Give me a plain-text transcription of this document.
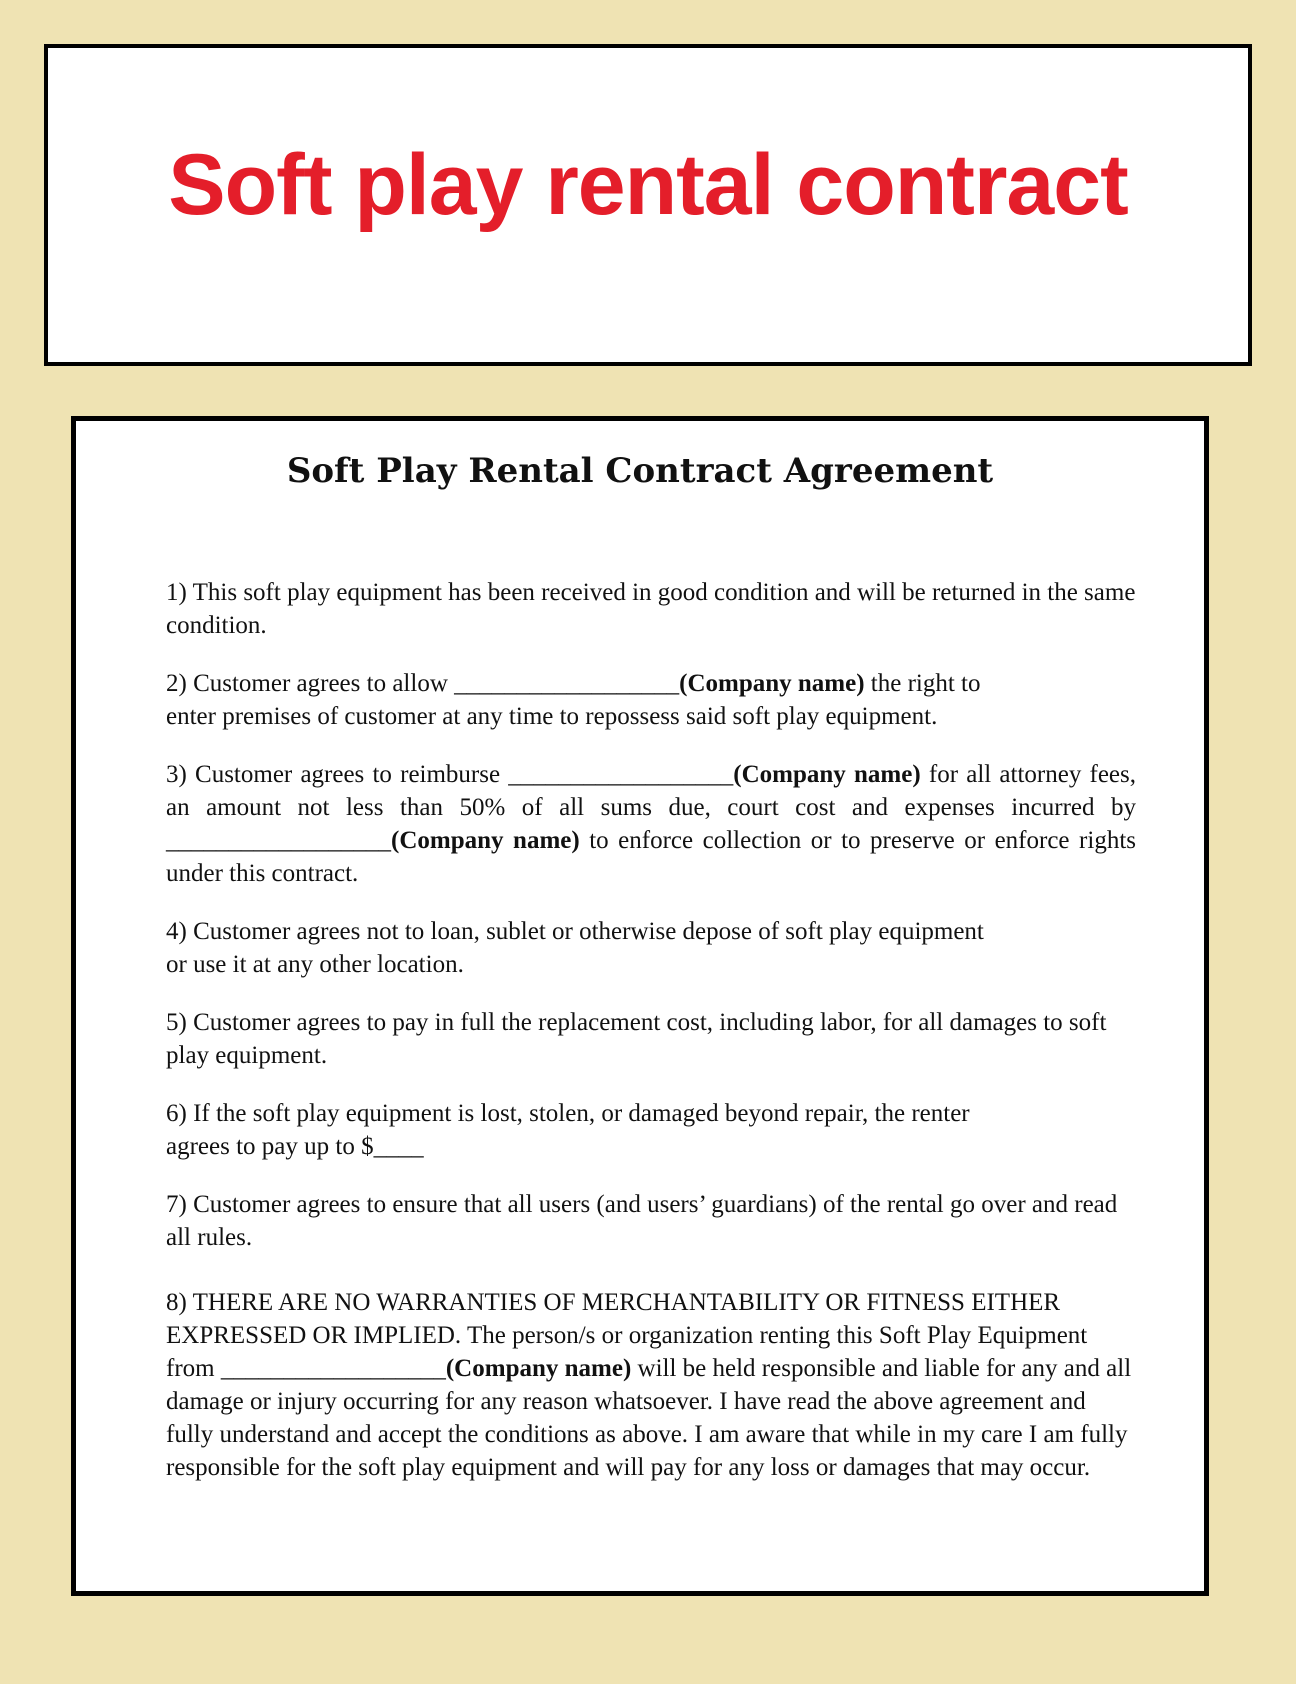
Soft play rental contract
Soft Play Rental Contract Agreement

1) This soft play equipment has been received in good condition and will be returned in the same condition.

2) Customer agrees to allow __________________(Company name) the right to enter premises of customer at any time to repossess said soft play equipment.

3) Customer agrees to reimburse __________________(Company name) for all attorney fees, an amount not less than 50% of all sums due, court cost and expenses incurred by __________________(Company name) to enforce collection or to preserve or enforce rights under this contract.

4) Customer agrees not to loan, sublet or otherwise depose of soft play equipment or use it at any other location.

5) Customer agrees to pay in full the replacement cost, including labor, for all damages to soft play equipment.

6) If the soft play equipment is lost, stolen, or damaged beyond repair, the renter agrees to pay up to $____

7) Customer agrees to ensure that all users (and users’ guardians) of the rental go over and read all rules.

8) THERE ARE NO WARRANTIES OF MERCHANTABILITY OR FITNESS EITHER EXPRESSED OR IMPLIED. The person/s or organization renting this Soft Play Equipment from __________________(Company name) will be held responsible and liable for any and all damage or injury occurring for any reason whatsoever. I have read the above agreement and fully understand and accept the conditions as above. I am aware that while in my care I am fully responsible for the soft play equipment and will pay for any loss or damages that may occur.
